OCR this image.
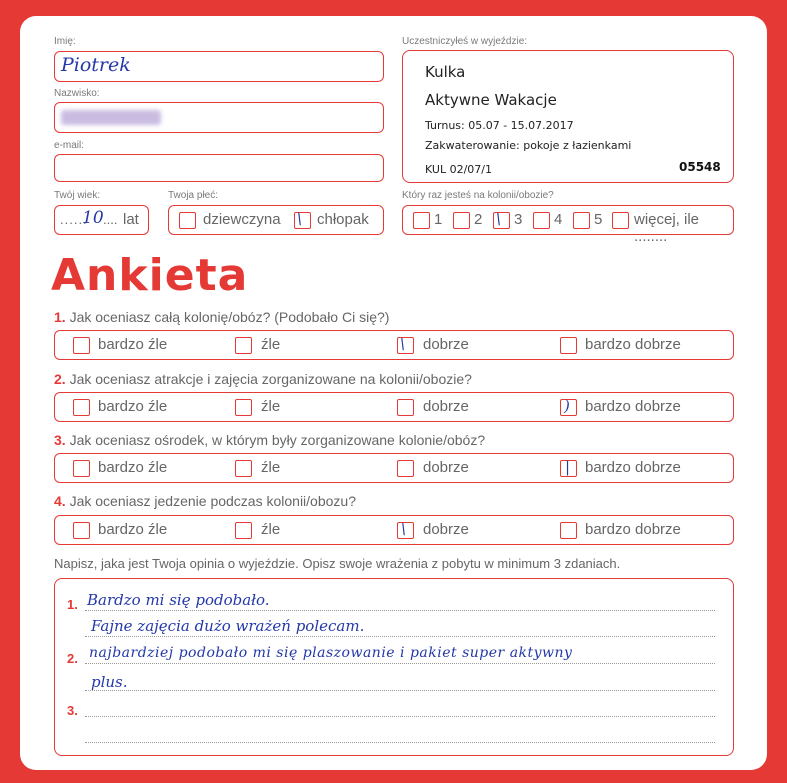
Imię:
Piotrek
Nazwisko:
e-mail:
Twój wiek:
......
10 .... lat
Twoja płeć:
dziewczyna \ chłopak
Uczestniczyłeś w wyjeździe:
Kulka
Aktywne Wakacje
Turnus: 05.07 - 15.07.2017
Zakwaterowanie: pokoje z łazienkami
KUL 02/07/1	05548
Który raz jesteś na kolonii/obozie?
1 2 \ 3 4 5 więcej, ile ........
Ankieta
1. Jak oceniasz całą kolonię/obóz? (Podobało Ci się?)
bardzo źle	źle	\ dobrze	bardzo dobrze
2. Jak oceniasz atrakcje i zajęcia zorganizowane na kolonii/obozie?
bardzo źle	źle	dobrze	) bardzo dobrze
3. Jak oceniasz ośrodek, w którym były zorganizowane kolonie/obóz?
bardzo źle	źle	dobrze	| bardzo dobrze
4. Jak oceniasz jedzenie podczas kolonii/obozu?
bardzo źle	źle	\ dobrze	bardzo dobrze
Napisz, jaka jest Twoja opinia o wyjeździe. Opisz swoje wrażenia z pobytu w minimum 3 zdaniach.
1.
2.
3.
Bardzo mi się podobało.
Fajne zajęcia dużo wrażeń polecam.
najbardziej podobało mi się plaszowanie i pakiet super aktywny
plus.
